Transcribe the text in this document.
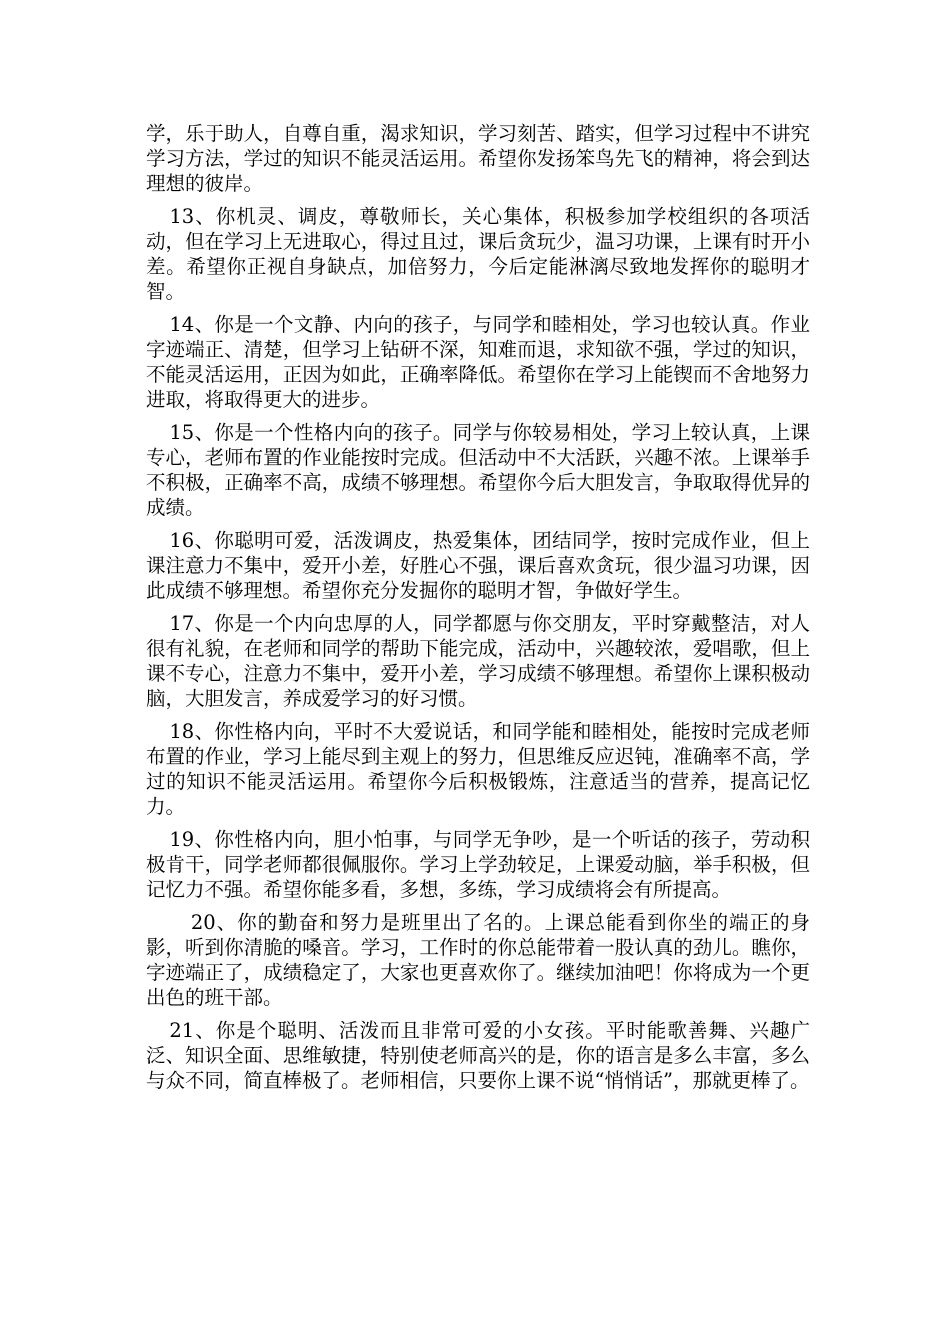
学，乐于助人，自尊自重，渴求知识，学习刻苦、踏实，但学习过程中不讲究学习方法，学过的知识不能灵活运用。希望你发扬笨鸟先飞的精神，将会到达理想的彼岸。

13、你机灵、调皮，尊敬师长，关心集体，积极参加学校组织的各项活动，但在学习上无进取心，得过且过，课后贪玩少，温习功课，上课有时开小差。希望你正视自身缺点，加倍努力，今后定能淋漓尽致地发挥你的聪明才智。

14、你是一个文静、内向的孩子，与同学和睦相处，学习也较认真。作业字迹端正、清楚，但学习上钻研不深，知难而退，求知欲不强，学过的知识，不能灵活运用，正因为如此，正确率降低。希望你在学习上能锲而不舍地努力进取，将取得更大的进步。

15、你是一个性格内向的孩子。同学与你较易相处，学习上较认真，上课专心，老师布置的作业能按时完成。但活动中不大活跃，兴趣不浓。上课举手不积极，正确率不高，成绩不够理想。希望你今后大胆发言，争取取得优异的成绩。

16、你聪明可爱，活泼调皮，热爱集体，团结同学，按时完成作业，但上课注意力不集中，爱开小差，好胜心不强，课后喜欢贪玩，很少温习功课，因此成绩不够理想。希望你充分发掘你的聪明才智，争做好学生。

17、你是一个内向忠厚的人，同学都愿与你交朋友，平时穿戴整洁，对人很有礼貌，在老师和同学的帮助下能完成，活动中，兴趣较浓，爱唱歌，但上课不专心，注意力不集中，爱开小差，学习成绩不够理想。希望你上课积极动脑，大胆发言，养成爱学习的好习惯。

18、你性格内向，平时不大爱说话，和同学能和睦相处，能按时完成老师布置的作业，学习上能尽到主观上的努力，但思维反应迟钝，准确率不高，学过的知识不能灵活运用。希望你今后积极锻炼，注意适当的营养，提高记忆力。

19、你性格内向，胆小怕事，与同学无争吵，是一个听话的孩子，劳动积极肯干，同学老师都很佩服你。学习上学劲较足，上课爱动脑，举手积极，但记忆力不强。希望你能多看，多想，多练，学习成绩将会有所提高。

20、你的勤奋和努力是班里出了名的。上课总能看到你坐的端正的身影，听到你清脆的嗓音。学习，工作时的你总能带着一股认真的劲儿。瞧你，字迹端正了，成绩稳定了，大家也更喜欢你了。继续加油吧！你将成为一个更出色的班干部。

21、你是个聪明、活泼而且非常可爱的小女孩。平时能歌善舞、兴趣广泛、知识全面、思维敏捷，特别使老师高兴的是，你的语言是多么丰富，多么与众不同，简直棒极了。老师相信，只要你上课不说“悄悄话”，那就更棒了。
